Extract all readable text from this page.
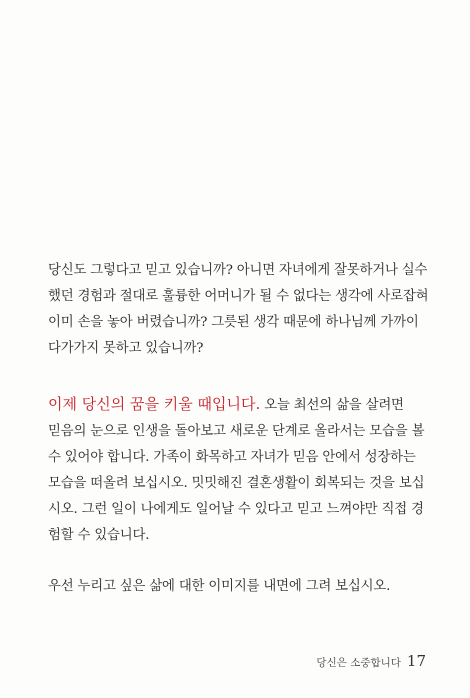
당신도 그렇다고 믿고 있습니까? 아니면 자녀에게 잘못하거나 실수
했던 경험과 절대로 훌륭한 어머니가 될 수 없다는 생각에 사로잡혀
이미 손을 놓아 버렸습니까? 그릇된 생각 때문에 하나님께 가까이
다가가지 못하고 있습니까?
이제 당신의 꿈을 키울 때입니다. 오늘 최선의 삶을 살려면
믿음의 눈으로 인생을 돌아보고 새로운 단계로 올라서는 모습을 볼
수 있어야 합니다. 가족이 화목하고 자녀가 믿음 안에서 성장하는
모습을 떠올려 보십시오. 밋밋해진 결혼생활이 회복되는 것을 보십
시오. 그런 일이 나에게도 일어날 수 있다고 믿고 느껴야만 직접 경
험할 수 있습니다.
우선 누리고 싶은 삶에 대한 이미지를 내면에 그려 보십시오.
당신은 소중합니다 17
